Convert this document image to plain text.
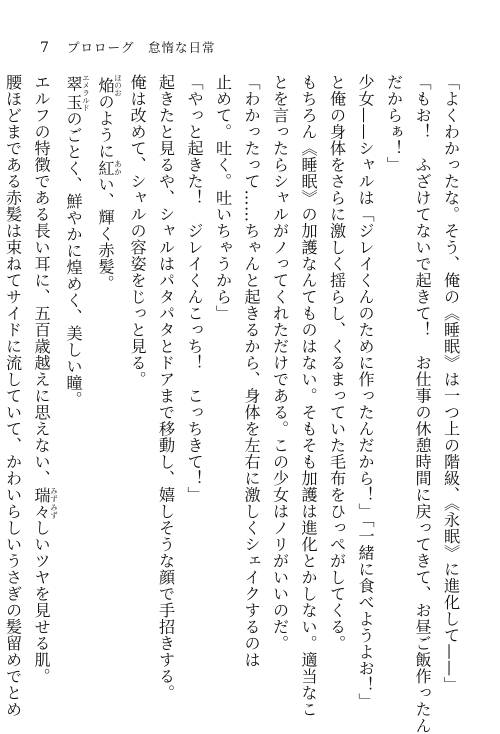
7 プロローグ　怠惰な日常
「よくわかったな。そう、俺の《睡眠》は一つ上の階級、《永眠》に進化して——」
「もお！　ふざけてないで起きて！　お仕事の休憩時間に戻ってきて、お昼ご飯作ったん
だからぁ！」
少女——シャルは「ジレイくんのために作ったんだから！」「一緒に食べようよお！」
と俺の身体をさらに激しく揺らし、くるまっていた毛布をひっぺがしてくる。
もちろん《睡眠》の加護なんてものはない。そもそも加護は進化とかしない。適当なこ
とを言ったらシャルがノってくれただけである。この少女はノリがいいのだ。
「わかったって……ちゃんと起きるから、身体を左右に激しくシェイクするのは
止めて。吐く。吐いちゃうから」
「やっと起きた！　ジレイくんこっち！　こっちきて！」
起きたと見るや、シャルはパタパタとドアまで移動し、嬉しそうな顔で手招きする。
俺は改めて、シャルの容姿をじっと見る。
焔 ほのおのように紅 あかい、輝く赤髪。
翠玉 エメラルドのごとく、鮮やかに煌めく、美しい瞳。
エルフの特徴である長い耳に、五百歳越えに思えない、瑞々 みずみずしいツヤを見せる肌。
腰ほどまである赤髪は束ねてサイドに流していて、かわいらしいうさぎの髪留めでとめ
